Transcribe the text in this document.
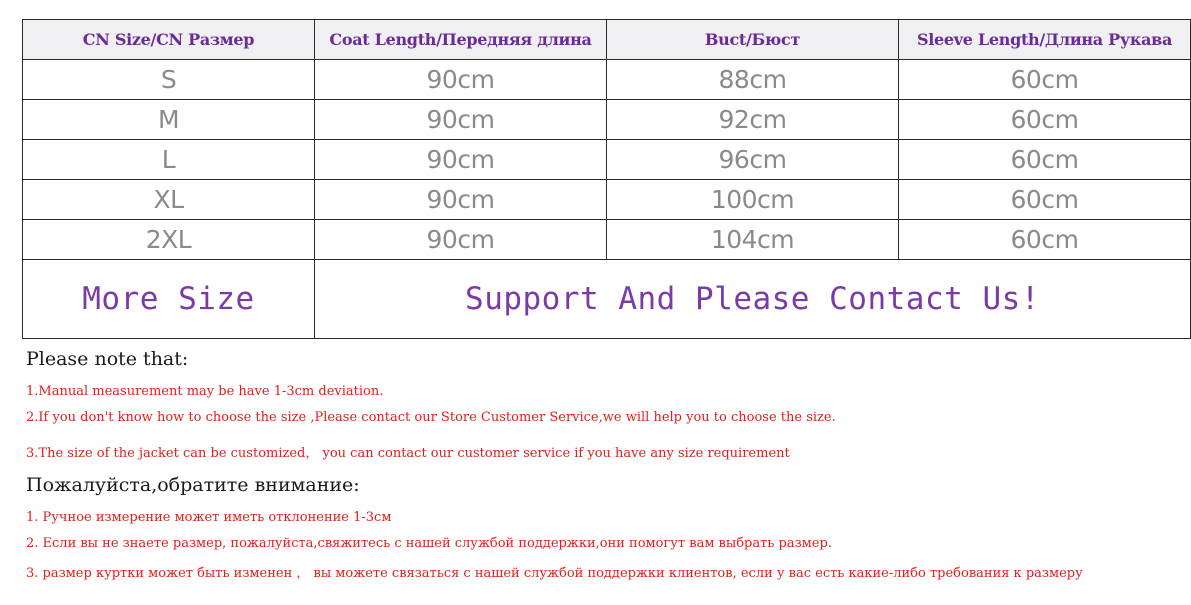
CN Size/CN Размер	Coat Length/Передняя длина	Buct/Бюст	Sleeve Length/Длина Рукава
S	90cm	88cm	60cm
M	90cm	92cm	60cm
L	90cm	96cm	60cm
XL	90cm	100cm	60cm
2XL	90cm	104cm	60cm
More Size	Support And Please Contact Us!		
Please note that:
1.Manual measurement may be have 1-3cm deviation.
2.If you don't know how to choose the size ,Please contact our Store Customer Service,we will help you to choose the size.
3.The size of the jacket can be customized， you can contact our customer service if you have any size requirement
Пожалуйста,обратите внимание:
1. Ручное измерение может иметь отклонение 1-3см
2. Если вы не знаете размер, пожалуйста,свяжитесь с нашей службой поддержки,они помогут вам выбрать размер.
3. размер куртки может быть изменен ， вы можете связаться с нашей службой поддержки клиентов, если у вас есть какие-либо требования к размеру
